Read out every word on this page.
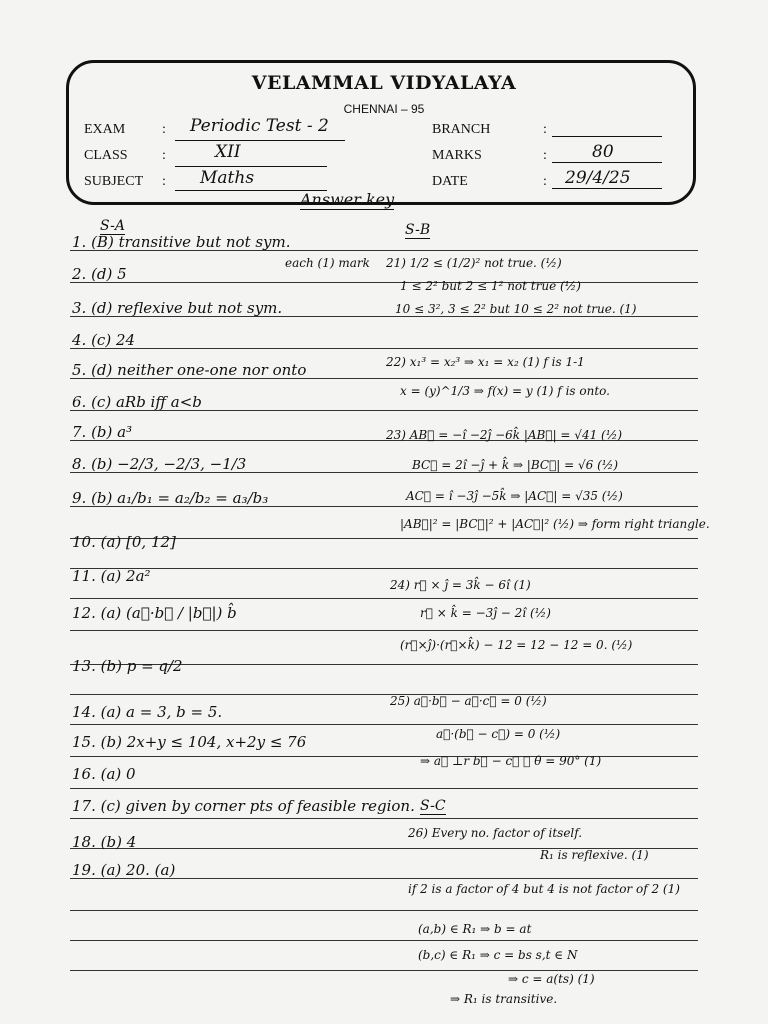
VELAMMAL VIDYALAYA
CHENNAI – 95
EXAM	: Periodic Test - 2
CLASS :	XII
SUBJECT : Maths
BRANCH	:
MARKS	:	80
DATE	: 29/4/25
Answer key
S-A
each (1) mark
1. (B) transitive but not sym.
2. (d) 5
3. (d) reflexive but not sym.
4. (c) 24
5. (d) neither one-one nor onto
6. (c) aRb iff a<b
7. (b) a³
8. (b) −2/3, −2/3, −1/3
9. (b) a₁/b₁ = a₂/b₂ = a₃/b₃
10. (a) [0, 12]
11. (a) 2a²
12. (a) (a⃗·b⃗ / |b⃗|) b̂
13. (b) p = q/2
14. (a) a = 3, b = 5.
15. (b) 2x+y ≤ 104, x+2y ≤ 76
16. (a) 0
17. (c) given by corner pts of feasible region.
18. (b) 4
19. (a) 20. (a)
S-B
21) 1/2 ≤ (1/2)² not true. (½)
1 ≤ 2² but 2 ≤ 1² not true (½)
10 ≤ 3², 3 ≤ 2² but 10 ≤ 2² not true. (1)
22) x₁³ = x₂³ ⇒ x₁ = x₂ (1) f is 1-1
x = (y)^1/3 ⇒ f(x) = y (1) f is onto.
23) AB⃗ = −î −2ĵ −6k̂ |AB⃗| = √41 (½)
BC⃗ = 2î −ĵ + k̂ ⇒ |BC⃗| = √6 (½)
AC⃗ = î −3ĵ −5k̂ ⇒ |AC⃗| = √35 (½)
|AB⃗|² = |BC⃗|² + |AC⃗|² (½) ⇒ form right triangle.
24) r⃗ × ĵ = 3k̂ − 6î (1)
r⃗ × k̂ = −3ĵ − 2î (½)
(r⃗×ĵ)·(r⃗×k̂) − 12 = 12 − 12 = 0. (½)
25) a⃗·b⃗ − a⃗·c⃗ = 0 (½)
a⃗·(b⃗ − c⃗) = 0 (½)
⇒ a⃗ ⊥r b⃗ − c⃗ ∴ θ = 90° (1)
S-C
26) Every no. factor of itself.
R₁ is reflexive. (1)
if 2 is a factor of 4 but 4 is not factor of 2 (1)
(a,b) ∈ R₁ ⇒ b = at
(b,c) ∈ R₁ ⇒ c = bs s,t ∈ N
⇒ c = a(ts) (1)
⇒ R₁ is transitive.
